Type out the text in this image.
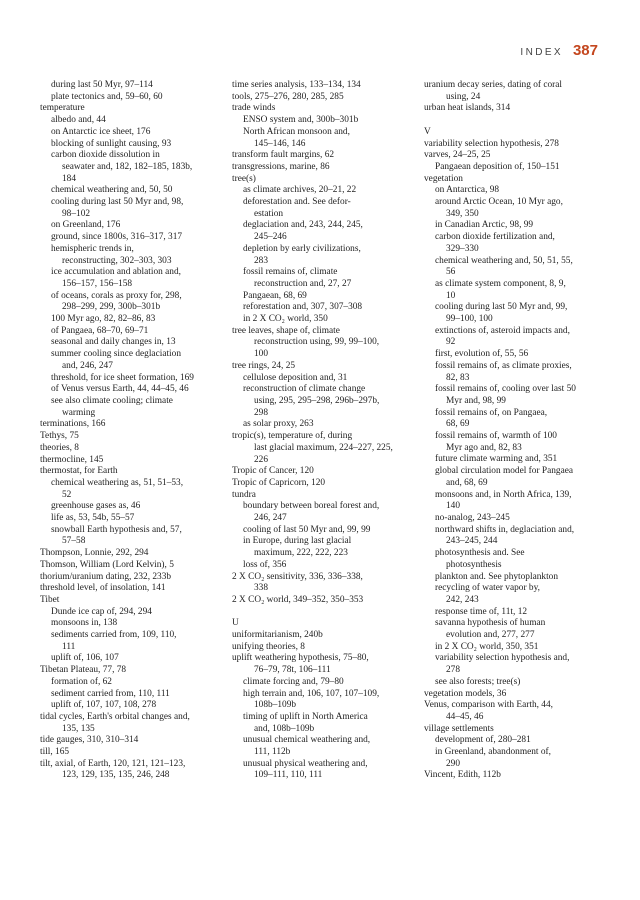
INDEX 387
during last 50 Myr, 97–114
plate tectonics and, 59–60, 60
temperature
albedo and, 44
on Antarctic ice sheet, 176
blocking of sunlight causing, 93
carbon dioxide dissolution in
seawater and, 182, 182–185, 183b,
184
chemical weathering and, 50, 50
cooling during last 50 Myr and, 98,
98–102
on Greenland, 176
ground, since 1800s, 316–317, 317
hemispheric trends in,
reconstructing, 302–303, 303
ice accumulation and ablation and,
156–157, 156–158
of oceans, corals as proxy for, 298,
298–299, 299, 300b–301b
100 Myr ago, 82, 82–86, 83
of Pangaea, 68–70, 69–71
seasonal and daily changes in, 13
summer cooling since deglaciation
and, 246, 247
threshold, for ice sheet formation, 169
of Venus versus Earth, 44, 44–45, 46
see also climate cooling; climate
warming
terminations, 166
Tethys, 75
theories, 8
thermocline, 145
thermostat, for Earth
chemical weathering as, 51, 51–53,
52
greenhouse gases as, 46
life as, 53, 54b, 55–57
snowball Earth hypothesis and, 57,
57–58
Thompson, Lonnie, 292, 294
Thomson, William (Lord Kelvin), 5
thorium/uranium dating, 232, 233b
threshold level, of insolation, 141
Tibet
Dunde ice cap of, 294, 294
monsoons in, 138
sediments carried from, 109, 110,
111
uplift of, 106, 107
Tibetan Plateau, 77, 78
formation of, 62
sediment carried from, 110, 111
uplift of, 107, 107, 108, 278
tidal cycles, Earth's orbital changes and,
135, 135
tide gauges, 310, 310–314
till, 165
tilt, axial, of Earth, 120, 121, 121–123,
123, 129, 135, 135, 246, 248
time series analysis, 133–134, 134
tools, 275–276, 280, 285, 285
trade winds
ENSO system and, 300b–301b
North African monsoon and,
145–146, 146
transform fault margins, 62
transgressions, marine, 86
tree(s)
as climate archives, 20–21, 22
deforestation and. See defor-
estation
deglaciation and, 243, 244, 245,
245–246
depletion by early civilizations,
283
fossil remains of, climate
reconstruction and, 27, 27
Pangaean, 68, 69
reforestation and, 307, 307–308
in 2 X CO₂ world, 350
tree leaves, shape of, climate
reconstruction using, 99, 99–100,
100
tree rings, 24, 25
cellulose deposition and, 31
reconstruction of climate change
using, 295, 295–298, 296b–297b,
298
as solar proxy, 263
tropic(s), temperature of, during
last glacial maximum, 224–227, 225,
226
Tropic of Cancer, 120
Tropic of Capricorn, 120
tundra
boundary between boreal forest and,
246, 247
cooling of last 50 Myr and, 99, 99
in Europe, during last glacial
maximum, 222, 222, 223
loss of, 356
2 X CO₂ sensitivity, 336, 336–338,
338
2 X CO₂ world, 349–352, 350–353
U
uniformitarianism, 240b
unifying theories, 8
uplift weathering hypothesis, 75–80,
76–79, 78t, 106–111
climate forcing and, 79–80
high terrain and, 106, 107, 107–109,
108b–109b
timing of uplift in North America
and, 108b–109b
unusual chemical weathering and,
111, 112b
unusual physical weathering and,
109–111, 110, 111
uranium decay series, dating of coral
using, 24
urban heat islands, 314
V
variability selection hypothesis, 278
varves, 24–25, 25
Pangaean deposition of, 150–151
vegetation
on Antarctica, 98
around Arctic Ocean, 10 Myr ago,
349, 350
in Canadian Arctic, 98, 99
carbon dioxide fertilization and,
329–330
chemical weathering and, 50, 51, 55,
56
as climate system component, 8, 9,
10
cooling during last 50 Myr and, 99,
99–100, 100
extinctions of, asteroid impacts and,
92
first, evolution of, 55, 56
fossil remains of, as climate proxies,
82, 83
fossil remains of, cooling over last 50
Myr and, 98, 99
fossil remains of, on Pangaea,
68, 69
fossil remains of, warmth of 100
Myr ago and, 82, 83
future climate warming and, 351
global circulation model for Pangaea
and, 68, 69
monsoons and, in North Africa, 139,
140
no-analog, 243–245
northward shifts in, deglaciation and,
243–245, 244
photosynthesis and. See
photosynthesis
plankton and. See phytoplankton
recycling of water vapor by,
242, 243
response time of, 11t, 12
savanna hypothesis of human
evolution and, 277, 277
in 2 X CO₂ world, 350, 351
variability selection hypothesis and,
278
see also forests; tree(s)
vegetation models, 36
Venus, comparison with Earth, 44,
44–45, 46
village settlements
development of, 280–281
in Greenland, abandonment of,
290
Vincent, Edith, 112b
